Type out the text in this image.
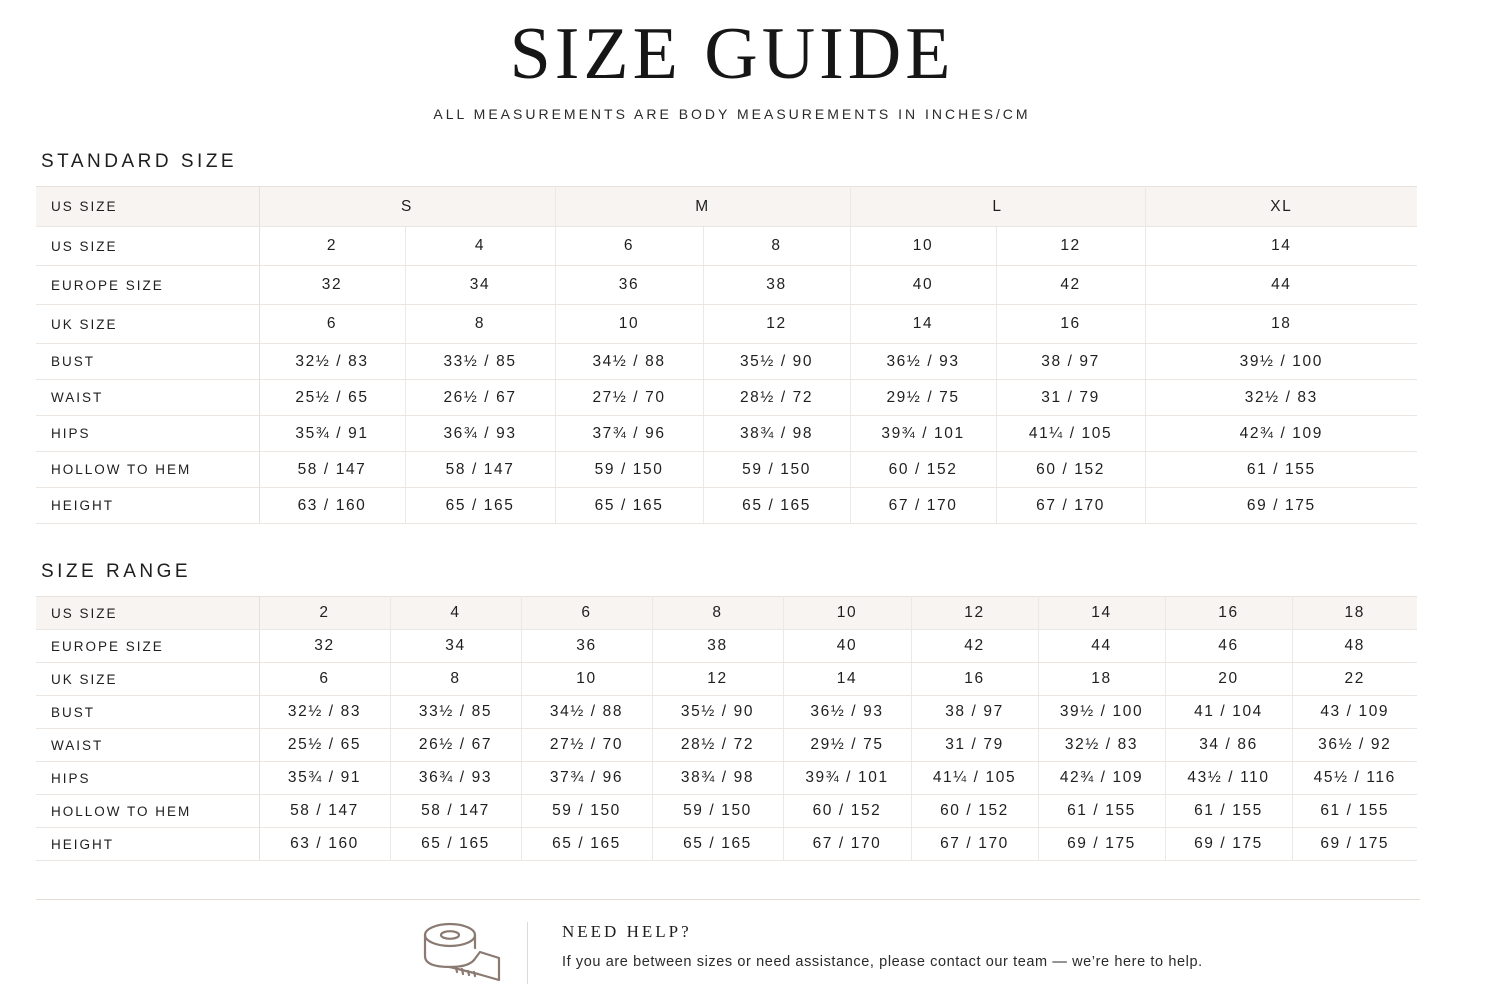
SIZE GUIDE
ALL MEASUREMENTS ARE BODY MEASUREMENTS IN INCHES/CM
STANDARD SIZE
US SIZE	S		M		L		XL
US SIZE	2	4	6	8	10	12	14
EUROPE SIZE	32	34	36	38	40	42	44
UK SIZE	6	8	10	12	14	16	18
BUST	32½ / 83	33½ / 85	34½ / 88	35½ / 90	36½ / 93	38 / 97	39½ / 100
WAIST	25½ / 65	26½ / 67	27½ / 70	28½ / 72	29½ / 75	31 / 79	32½ / 83
HIPS	35¾ / 91	36¾ / 93	37¾ / 96	38¾ / 98	39¾ / 101	41¼ / 105	42¾ / 109
HOLLOW TO HEM	58 / 147	58 / 147	59 / 150	59 / 150	60 / 152	60 / 152	61 / 155
HEIGHT	63 / 160	65 / 165	65 / 165	65 / 165	67 / 170	67 / 170	69 / 175
SIZE RANGE
US SIZE	2	4	6	8	10	12	14	16	18
EUROPE SIZE	32	34	36	38	40	42	44	46	48
UK SIZE	6	8	10	12	14	16	18	20	22
BUST	32½ / 83	33½ / 85	34½ / 88	35½ / 90	36½ / 93	38 / 97	39½ / 100	41 / 104	43 / 109
WAIST	25½ / 65	26½ / 67	27½ / 70	28½ / 72	29½ / 75	31 / 79	32½ / 83	34 / 86	36½ / 92
HIPS	35¾ / 91	36¾ / 93	37¾ / 96	38¾ / 98	39¾ / 101	41¼ / 105	42¾ / 109	43½ / 110	45½ / 116
HOLLOW TO HEM	58 / 147	58 / 147	59 / 150	59 / 150	60 / 152	60 / 152	61 / 155	61 / 155	61 / 155
HEIGHT	63 / 160	65 / 165	65 / 165	65 / 165	67 / 170	67 / 170	69 / 175	69 / 175	69 / 175
NEED HELP?
If you are between sizes or need assistance, please contact our team — we’re here to help.
